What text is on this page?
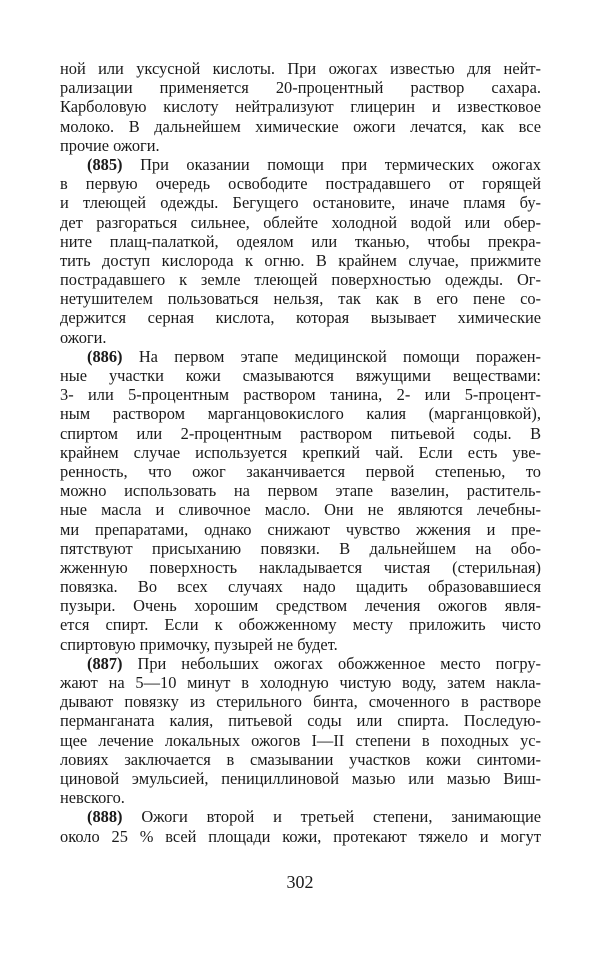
ной или уксусной кислоты. При ожогах известью для нейт-
рализации применяется 20-процентный раствор сахара.
Карболовую кислоту нейтрализуют глицерин и известковое
молоко. В дальнейшем химические ожоги лечатся, как все
прочие ожоги.
(885) При оказании помощи при термических ожогах
в первую очередь освободите пострадавшего от горящей
и тлеющей одежды. Бегущего остановите, иначе пламя бу-
дет разгораться сильнее, облейте холодной водой или обер-
ните плащ-палаткой, одеялом или тканью, чтобы прекра-
тить доступ кислорода к огню. В крайнем случае, прижмите
пострадавшего к земле тлеющей поверхностью одежды. Ог-
нетушителем пользоваться нельзя, так как в его пене со-
держится серная кислота, которая вызывает химические
ожоги.
(886) На первом этапе медицинской помощи поражен-
ные участки кожи смазываются вяжущими веществами:
3- или 5-процентным раствором танина, 2- или 5-процент-
ным раствором марганцовокислого калия (марганцовкой),
спиртом или 2-процентным раствором питьевой соды. В
крайнем случае используется крепкий чай. Если есть уве-
ренность, что ожог заканчивается первой степенью, то
можно использовать на первом этапе вазелин, раститель-
ные масла и сливочное масло. Они не являются лечебны-
ми препаратами, однако снижают чувство жжения и пре-
пятствуют присыханию повязки. В дальнейшем на обо-
жженную поверхность накладывается чистая (стерильная)
повязка. Во всех случаях надо щадить образовавшиеся
пузыри. Очень хорошим средством лечения ожогов явля-
ется спирт. Если к обожженному месту приложить чисто
спиртовую примочку, пузырей не будет.
(887) При небольших ожогах обожженное место погру-
жают на 5—10 минут в холодную чистую воду, затем накла-
дывают повязку из стерильного бинта, смоченного в растворе
перманганата калия, питьевой соды или спирта. Последую-
щее лечение локальных ожогов I—II степени в походных ус-
ловиях заключается в смазывании участков кожи синтоми-
циновой эмульсией, пенициллиновой мазью или мазью Виш-
невского.
(888) Ожоги второй и третьей степени, занимающие
около 25 % всей площади кожи, протекают тяжело и могут
302
